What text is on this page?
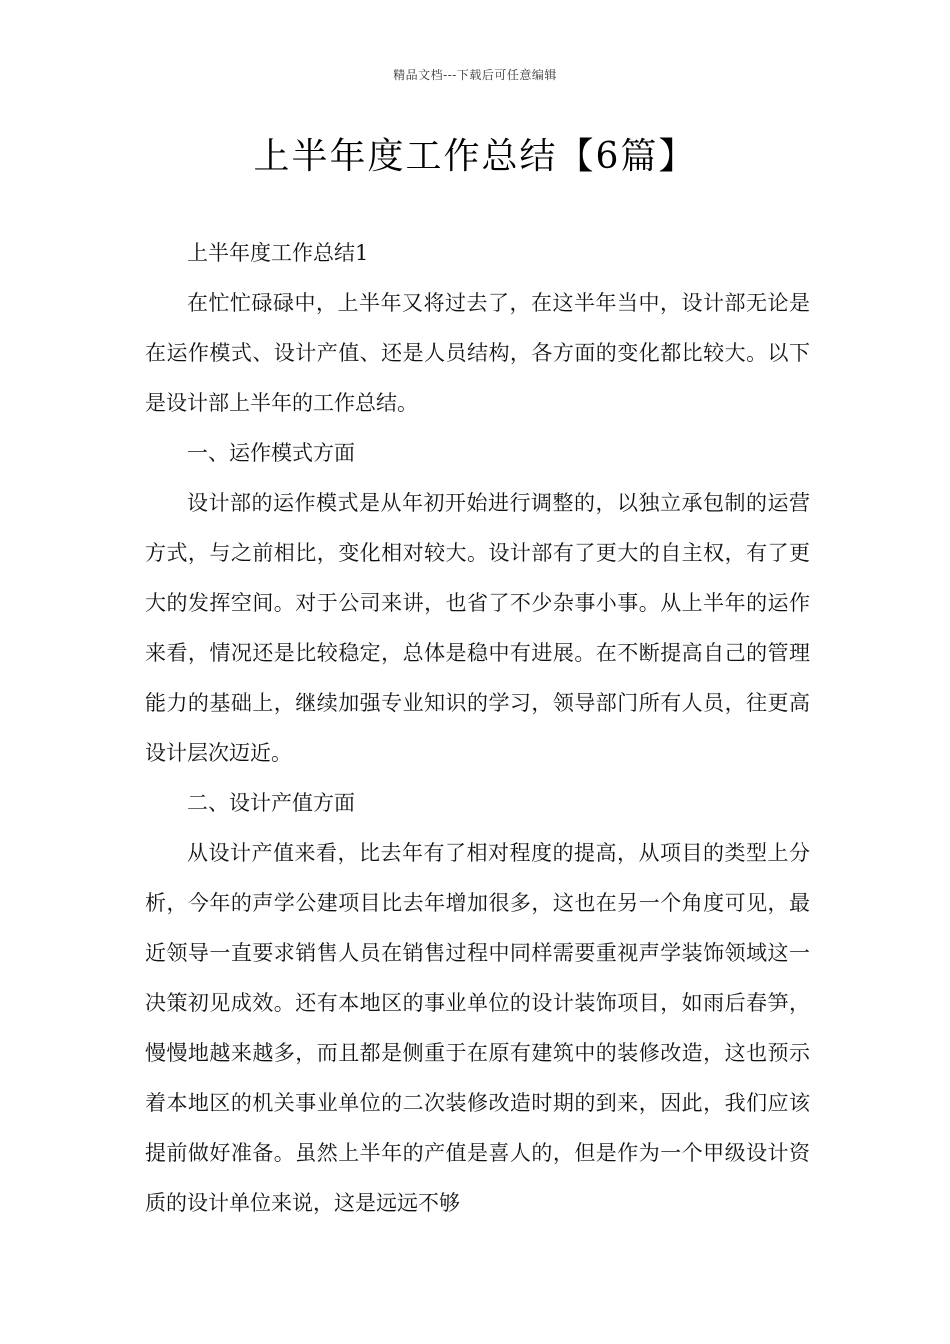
精品文档---下载后可任意编辑
上半年度工作总结【6篇】

上半年度工作总结1

在忙忙碌碌中，上半年又将过去了，在这半年当中，设计部无论是在运作模式、设计产值、还是人员结构，各方面的变化都比较大。以下是设计部上半年的工作总结。

一、运作模式方面

设计部的运作模式是从年初开始进行调整的，以独立承包制的运营方式，与之前相比，变化相对较大。设计部有了更大的自主权，有了更大的发挥空间。对于公司来讲，也省了不少杂事小事。从上半年的运作来看，情况还是比较稳定，总体是稳中有进展。在不断提高自己的管理能力的基础上，继续加强专业知识的学习，领导部门所有人员，往更高设计层次迈近。

二、设计产值方面

从设计产值来看，比去年有了相对程度的提高，从项目的类型上分析，今年的声学公建项目比去年增加很多，这也在另一个角度可见，最近领导一直要求销售人员在销售过程中同样需要重视声学装饰领域这一决策初见成效。还有本地区的事业单位的设计装饰项目，如雨后春笋，慢慢地越来越多，而且都是侧重于在原有建筑中的装修改造，这也预示着本地区的机关事业单位的二次装修改造时期的到来，因此，我们应该提前做好准备。虽然上半年的产值是喜人的，但是作为一个甲级设计资质的设计单位来说，这是远远不够
